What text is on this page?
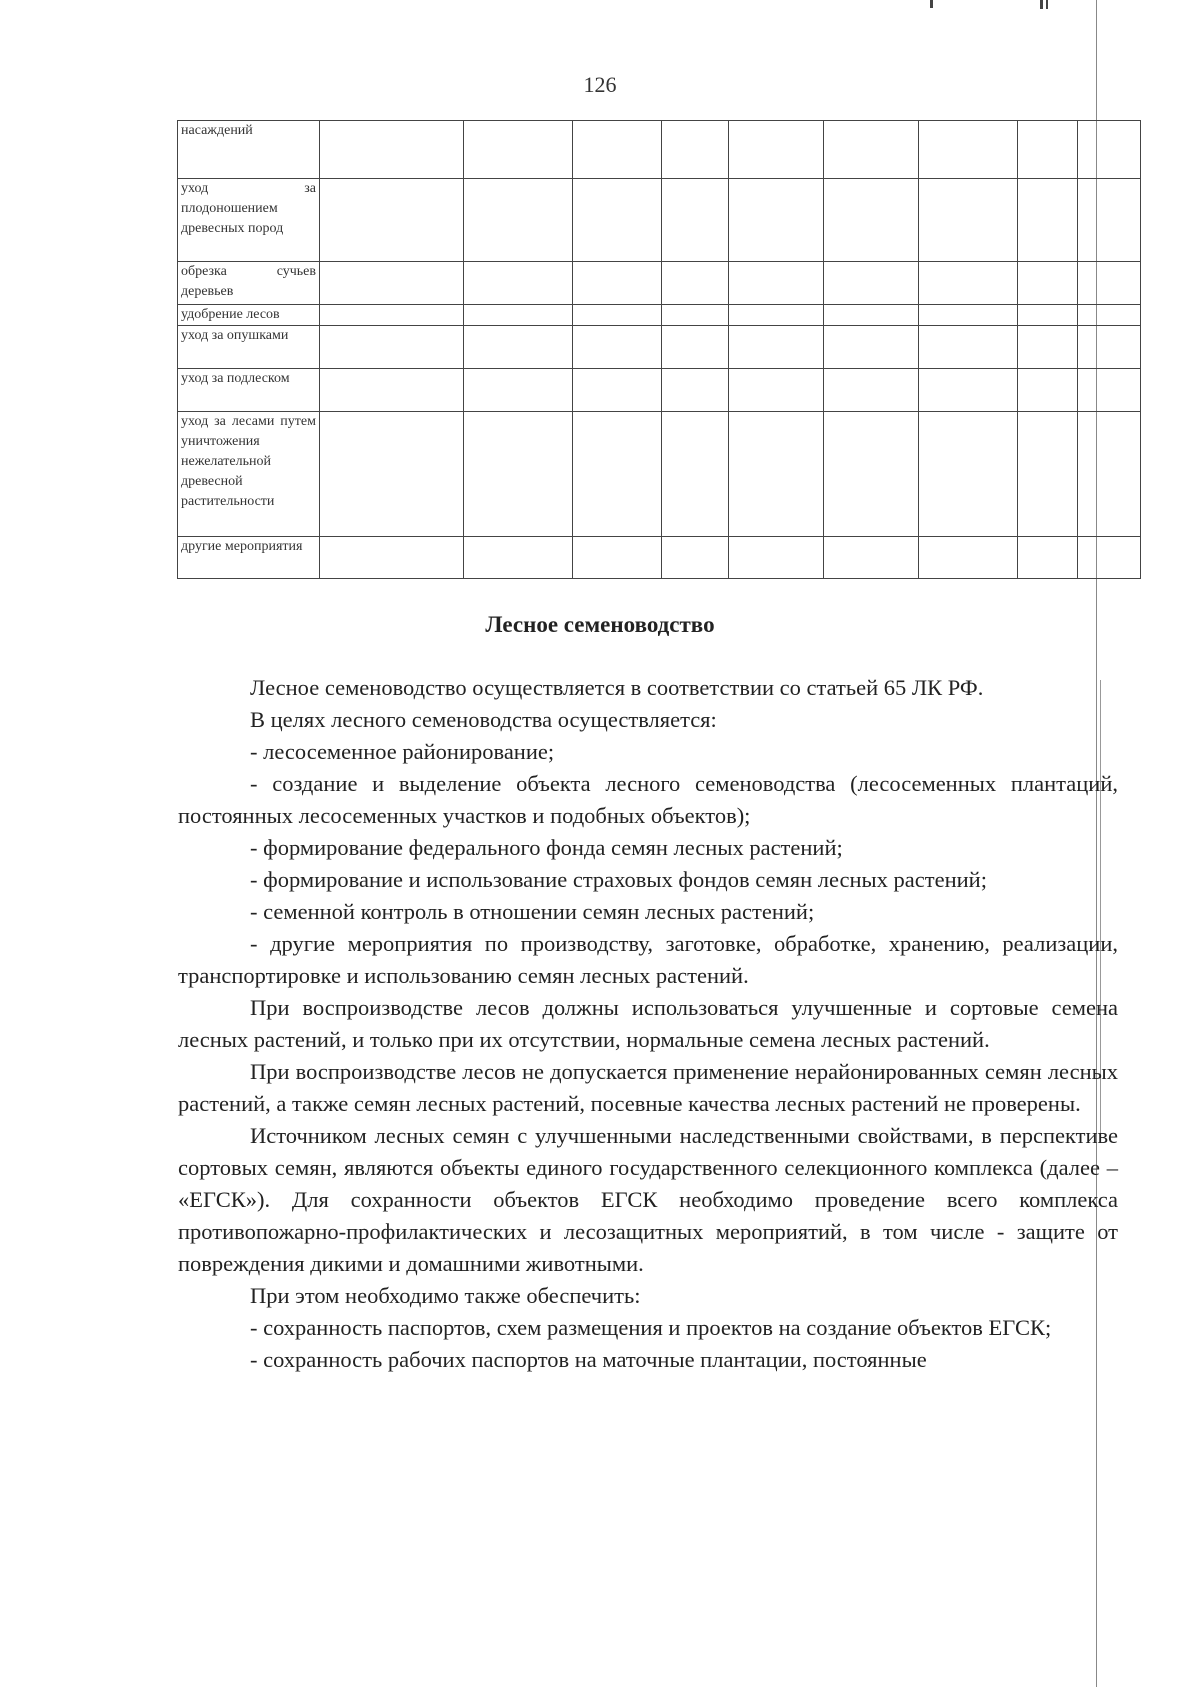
126
насаждений									
уход за плодоношением древесных пород									
обрезка сучьев деревьев									
удобрение лесов									
уход за опушками									
уход за подлеском									
уход за лесами путем уничтожения нежелательной древесной растительности									
другие мероприятия									
Лесное семеноводство

Лесное семеноводство осуществляется в соответствии со статьей 65 ЛК РФ.

В целях лесного семеноводства осуществляется:

- лесосеменное районирование;

- создание и выделение объекта лесного семеноводства (лесосеменных плантаций, постоянных лесосеменных участков и подобных объектов);

- формирование федерального фонда семян лесных растений;

- формирование и использование страховых фондов семян лесных растений;

- семенной контроль в отношении семян лесных растений;

- другие мероприятия по производству, заготовке, обработке, хранению, реализации, транспортировке и использованию семян лесных растений.

При воспроизводстве лесов должны использоваться улучшенные и сортовые семена лесных растений, и только при их отсутствии, нормальные семена лесных растений.

При воспроизводстве лесов не допускается применение нерайонированных семян лесных растений, а также семян лесных растений, посевные качества лесных растений не проверены.

Источником лесных семян с улучшенными наследственными свойствами, в перспективе сортовых семян, являются объекты единого государственного селекционного комплекса (далее – «ЕГСК»). Для сохранности объектов ЕГСК необходимо проведение всего комплекса противопожарно-профилактических и лесозащитных мероприятий, в том числе - защите от повреждения дикими и домашними животными.

При этом необходимо также обеспечить:

- сохранность паспортов, схем размещения и проектов на создание объектов ЕГСК;

- сохранность рабочих паспортов на маточные плантации, постоянные
